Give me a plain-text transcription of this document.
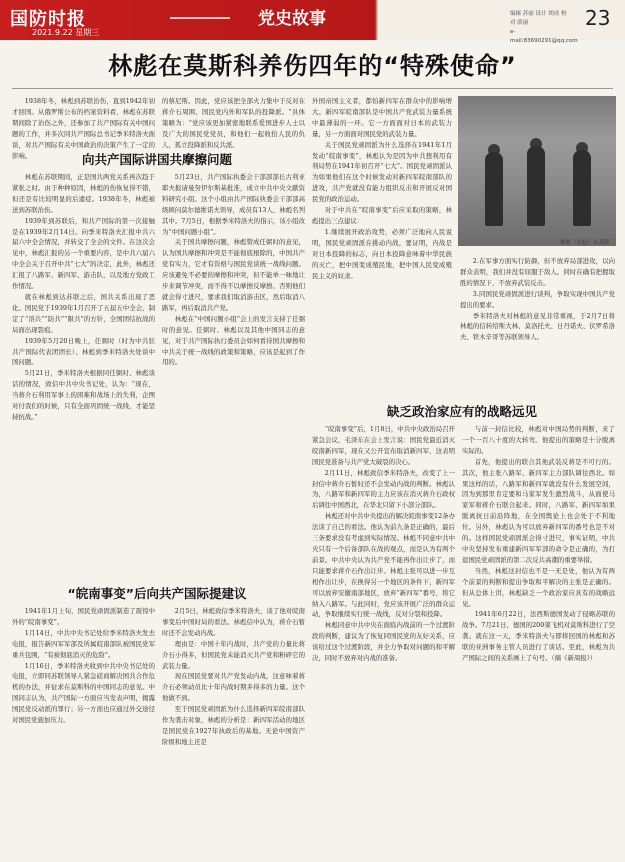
国防时报
2021.9.22 星期三
党史故事	编辑 苏丽 设计 胡成 校对 薛丽
e-mail:83690291@qq.com
23
林彪在莫斯科养伤四年的“特殊使命”

1938年冬，林彪到苏联治伤，直到1942年初才回国。从俄罗斯公布的档案资料看，林彪在苏联期间除了治伤之外，还参加了共产国际有关中国问题的工作，并多次同共产国际总书记季米特洛夫面谈，对共产国际有关中国政治的决策产生了一定的影响。	向共产国际讲国共摩擦问题

林彪在苏联期间，正是国共两党关系再次趋于紧张之时。由于种种原因，林彪的伤恢复得不错，但还是有比较明显的后遗症。1938年冬，林彪被送到苏联治伤。

1939年到苏联后，和共产国际的第一次接触是在1939年2月14日。向季米特洛夫汇报中共六届六中全会情况，并转交了全会的文件。在这次会见中，林彪汇报的另一个重要内容，是中共六届六中全会关于召开中共“七大”的决定，此外，林彪还汇报了八路军、新四军、游击队，以及地方党政工作情况。

就在林彪到达苏联之后，国共关系出现了恶化。国民党于1939年1月召开了五届五中全会，制定了“溶共”“防共”“限共”的方针，全国团结抗战的局面出现裂痕。

1939年5月20日晚上，任弼时（时为中共驻共产国际代表团团长）、林彪到季米特洛夫处谈中国问题。

5月21日，季米特洛夫根据同任弼时、林彪谈话的情况，致信中共中央书记处，认为：“现在，当蒋介石利用军事上的困难和战场上的失利，企图对付我们的时候，只有全面巩固统一战线，才能坚持抗战。”

“皖南事变”后向共产国际提建议

1941年1月上旬，国民党顽固派制造了震惊中外的“皖南事变”。

1月14日，中共中央书记处给季米特洛夫发去电报，报告新四军军部及所属皖南部队被国民党军重兵包围，“有被彻底消灭的危险”。

1月16日，季米特洛夫收到中共中央书记处的电报，立即同苏联领导人紧急磋商解决国共合作危机的办法，并征求在莫斯科的中国同志的意见。中国同志认为，共产国际一方面应当发表声明，揭露国民党反动派的罪行；另一方面也应通过外交途径对国民党施加压力。

的蔡尼斯。因此，党应该把全部火力集中于反对在蒋介石周围、国民党内外和军队的投降派。“具体策略为：“党应该更加紧密地联系爱国进步人士以及广大的国民党党员，和他们一起收拾人民的仇人，孤立投降派和反共派。

5月23日，共产国际执委会干部部部长古利亚耶夫报请曼努伊尔斯基批准，成立中共中央文献资料研究小组。这个小组由共产国际执委会干部部高级顾问莫尔德维诺夫领导，成员有13人，林彪名列其中。7月5日，根据季米特洛夫的指示，该小组改为“中国问题小组”。

关于国共摩擦问题，林彪赞成任弼时的意见，认为国共摩擦和冲突是不能彻底根除的，中国共产党有实力，它才有资格与国民党谈统一战线问题。应该避免不必要的摩擦和冲突，但不能单一味地让步来调节冲突，而不得不以摩擦反摩擦。否则他们就会得寸进尺，要求我们取消游击区，然后取消八路军，再后取消共产党。

林彪在“中国问题小组”会上的发言支持了任弼时的意见。任弼时、林彪以及其他中国同志的意见，对于共产国际执行委员会如何看待国共摩擦和中共关于统一战线的政策和策略，应该是起到了作用的。

2月5日，林彪致信季米特洛夫，谈了他对皖南事变后中国时局的看法。林彪信中认为，蒋介石暂时还不会发动内战。

理由是：中国十年内战时，共产党的力量比蒋介石小得多，但国民党未能消灭共产党和粉碎它的武装力量。

现在国民党要对共产党发动内战，这意味着蒋介石必须动员比十年内战时期多得多的力量。这个他做不到。

至于国民党顽固派为什么选择新四军皖南部队作为袭击对象，林彪的分析是：新四军活动的地区是国民党在1927年执政后的基地。无论中国资产阶级和地主还是

外国帝国主义者，都怕新四军在群众中的影响增大。新四军皖南部队是中国共产党武装力量系统中最薄弱的一环。它一方面面对日本的武装力量，另一方面面对国民党的武装力量。

关于国民党顽固派为什么选择在1941年1月发动“皖南事变”，林彪认为是因为中共想利用有利局势在1941年初召开“七大”。国民党顽固派认为如果他们在这个时候发动对新四军皖南部队的进攻，共产党就没有能力组织反击和开展反对国民党的政治运动。

对于中共在“皖南事变”后应采取的策略，林彪提出三点建议：

1.继续展开政治攻势，必须广泛地向人民说明，国民党顽固派在挑动内战，要证明，内战是对日本投降的标志，向日本投降意味着中华民族的灭亡，把中国变成殖民地，把中国人民变成殖民主义的奴隶。

林彪（左起）在苏联

2.在军事方面实行防御，但不放弃局部进攻，以向群众表明，我们并没有屈服于敌人。同时在确有把握取胜的情况下，不放弃武装反击。

3.同国民党顽固派进行谈判，争取实现中国共产党提出的要求。

季米特洛夫对林彪的意见非常重视，于2月7日将林彪的信转给斯大林、莫洛托夫、日丹诺夫、伏罗希洛夫、铁木辛哥等苏联领导人。

缺乏政治家应有的战略远见

“皖南事变”后，1月8日，中共中央政治局召开紧急会议，毛泽东在会上发言说：国民党最近消灭皖南新四军，现在又公开宣布取消新四军，这表明国民党准备与共产党大破裂的决心。

2月11日，林彪致信季米特洛夫，改变了上一封信中蒋介石暂时还不会发动内战的判断。林彪认为，八路军和新四军的主力应该在消灭蒋介石政权后调往中国西北，在华北只留下小部分部队。

林彪还对中共中央提出的解决皖南事变12条办法谈了自己的看法。他认为前九条是正确的，最后三条要求没有考虑到实际情况。林彪不同意中共中央只有一个后备部队在战的观点，而是认为有两个前景。中共中央认为共产党不能再作出让步了，而只能要求蒋介石作出让步。林彪主张可以进一步互相作出让步，在换得另一个地区的条件下，新四军可以放弃安徽南部地区，放弃“新四军”番号，将它纳入八路军。与此同时，党应该开展广泛的群众运动，争取继续实行统一战线，反对分裂和投降。

林彪同意中共中央在面临内战前的一个过渡阶段的判断，建议为了恢复同国民党的友好关系，应该给过这个过渡阶段，并全力争取对问题的和平解决，同时不放弃对内战的准备。

与前一封信比较，林彪对中国局势的判断，来了一个一百八十度的大转弯。他提出的策略是十分脱离实际的。

首先，他提出的联合其他武装反蒋是不可行的。其次，他主张八路军、新四军主力部队调往西北。如果这样的话，八路军和新四军就没有什么发展空间，因为到那里肯定要和马家军发生激烈战斗，从面使马家军和蒋介石联合起来。同时，八路军、新四军如果脱离抗日前沿阵地，在全国舆论上也会处于不利地位。另外，林彪认为可以放弃新四军的番号也是不对的。这样国民党顽固派会得寸进尺，事实证明，中共中央坚持发布重建新四军军部的命令是正确的，为打退国民党顽固派的第二次反共高潮的重要举措。

当然，林彪这封信也不是一无是处，他认为有两个前景的判断和提出争取和平解决的主张是正确的。但从总体上讲，林彪缺乏一个政治家应具有的战略远见。

1941年6月22日，法西斯德国发动了侵略苏联的战争。7月21日，德国的200架飞机对莫斯科进行了空袭。就在这一天，季米特洛夫与即将回国的林彪和苏联的亚洲事务主管人员进行了谈话。至此，林彪为共产国际之间的关系画上了句号。（摘《新周报》）
